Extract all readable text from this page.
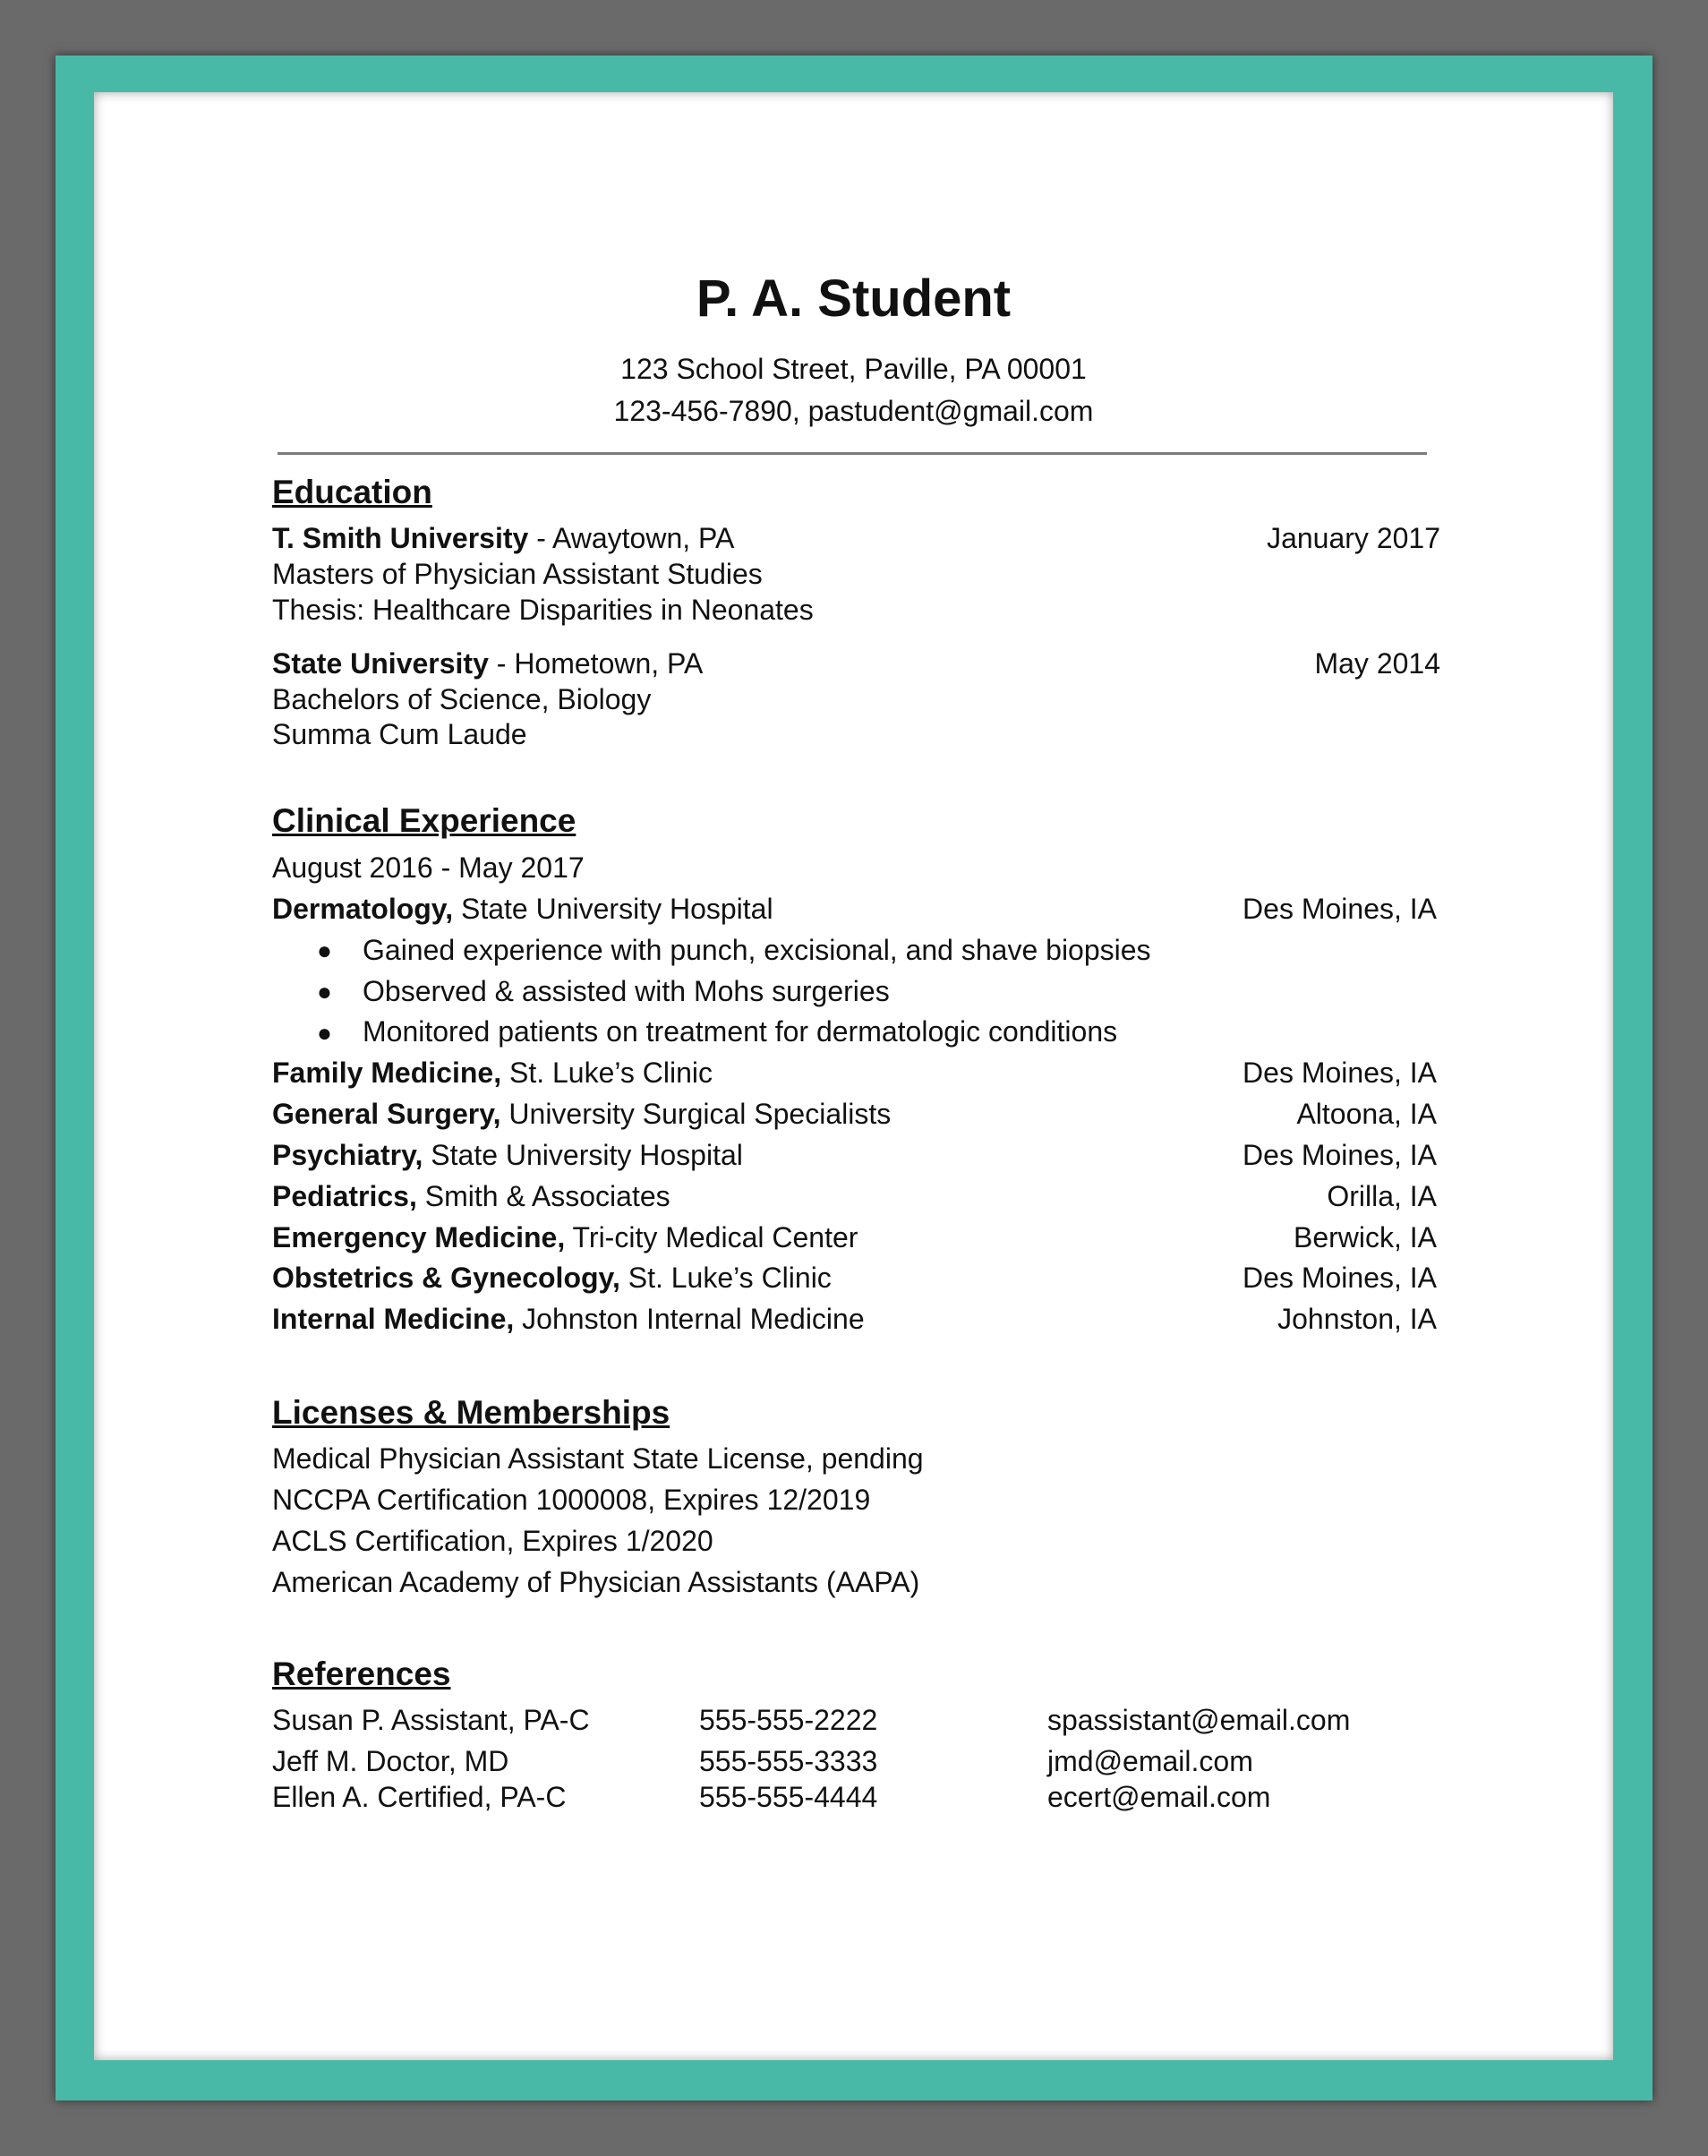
P. A. Student
123 School Street, Paville, PA 00001
123-456-7890, pastudent@gmail.com
Education
T. Smith University - Awaytown, PA	January 2017
Masters of Physician Assistant Studies
Thesis: Healthcare Disparities in Neonates
State University - Hometown, PA	May 2014
Bachelors of Science, Biology
Summa Cum Laude
Clinical Experience
August 2016 - May 2017
Dermatology, State University Hospital	Des Moines, IA
● Gained experience with punch, excisional, and shave biopsies
● Observed & assisted with Mohs surgeries
● Monitored patients on treatment for dermatologic conditions
Family Medicine, St. Luke’s Clinic	Des Moines, IA
General Surgery, University Surgical Specialists	Altoona, IA
Psychiatry, State University Hospital	Des Moines, IA
Pediatrics, Smith & Associates	Orilla, IA
Emergency Medicine, Tri-city Medical Center	Berwick, IA
Obstetrics & Gynecology, St. Luke’s Clinic	Des Moines, IA
Internal Medicine, Johnston Internal Medicine	Johnston, IA
Licenses & Memberships
Medical Physician Assistant State License, pending
NCCPA Certification 1000008, Expires 12/2019
ACLS Certification, Expires 1/2020
American Academy of Physician Assistants (AAPA)
References
Susan P. Assistant, PA-C	555-555-2222	spassistant@email.com
Jeff M. Doctor, MD	555-555-3333	jmd@email.com
Ellen A. Certified, PA-C	555-555-4444	ecert@email.com
